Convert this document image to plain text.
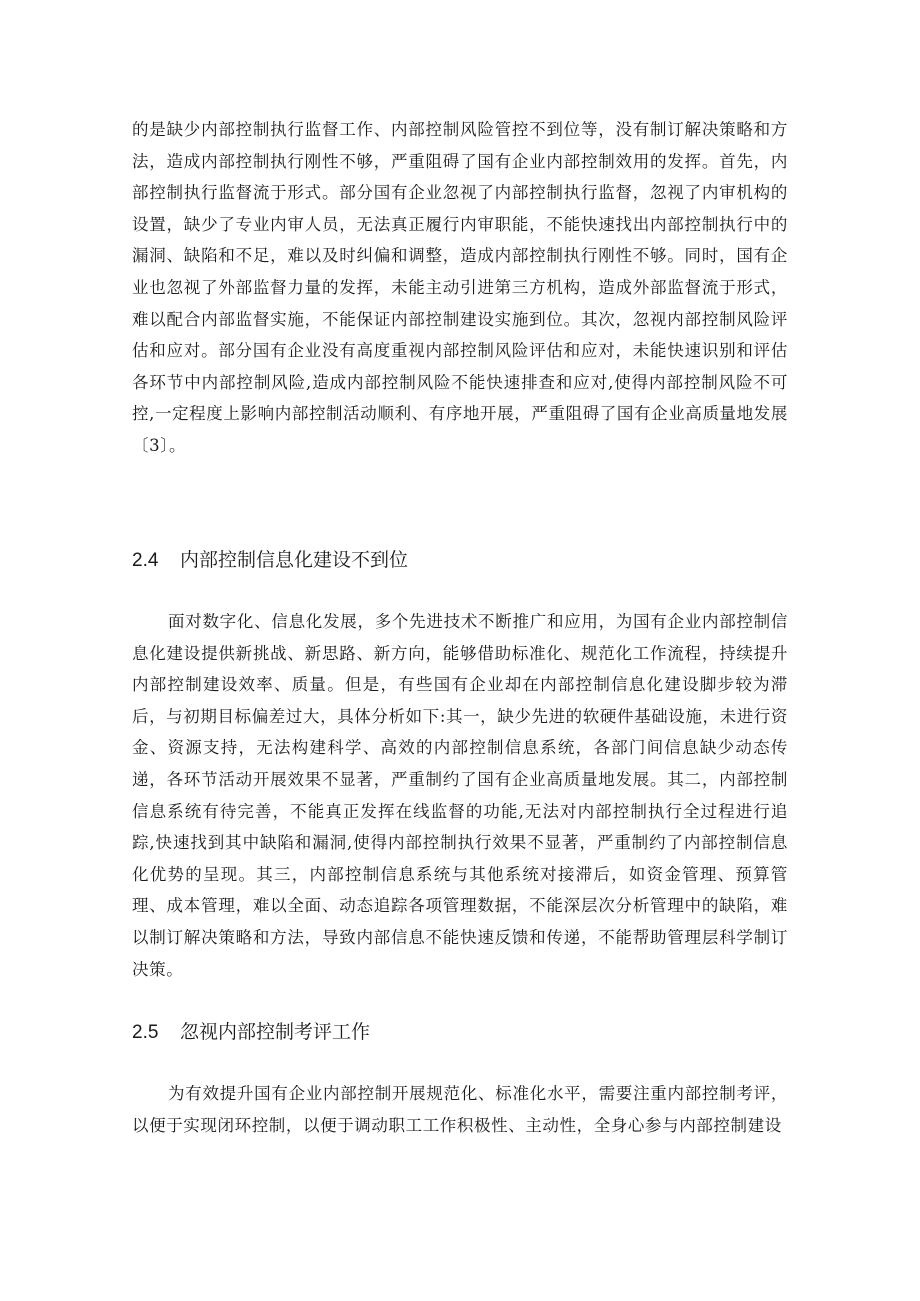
的是缺少内部控制执行监督工作、内部控制风险管控不到位等，没有制订解决策略和方法，造成内部控制执行刚性不够，严重阻碍了国有企业内部控制效用的发挥。首先，内部控制执行监督流于形式。部分国有企业忽视了内部控制执行监督，忽视了内审机构的设置，缺少了专业内审人员，无法真正履行内审职能，不能快速找出内部控制执行中的漏洞、缺陷和不足，难以及时纠偏和调整，造成内部控制执行刚性不够。同时，国有企业也忽视了外部监督力量的发挥，未能主动引进第三方机构，造成外部监督流于形式，难以配合内部监督实施，不能保证内部控制建设实施到位。其次，忽视内部控制风险评估和应对。部分国有企业没有高度重视内部控制风险评估和应对，未能快速识别和评估各环节中内部控制风险,造成内部控制风险不能快速排查和应对,使得内部控制风险不可控,一定程度上影响内部控制活动顺利、有序地开展，严重阻碍了国有企业高质量地发展〔3〕。

2.4 内部控制信息化建设不到位

面对数字化、信息化发展，多个先进技术不断推广和应用，为国有企业内部控制信息化建设提供新挑战、新思路、新方向，能够借助标准化、规范化工作流程，持续提升内部控制建设效率、质量。但是，有些国有企业却在内部控制信息化建设脚步较为滞后，与初期目标偏差过大，具体分析如下:其一，缺少先进的软硬件基础设施，未进行资金、资源支持，无法构建科学、高效的内部控制信息系统，各部门间信息缺少动态传递，各环节活动开展效果不显著，严重制约了国有企业高质量地发展。其二，内部控制信息系统有待完善，不能真正发挥在线监督的功能,无法对内部控制执行全过程进行追踪,快速找到其中缺陷和漏洞,使得内部控制执行效果不显著，严重制约了内部控制信息化优势的呈现。其三，内部控制信息系统与其他系统对接滞后，如资金管理、预算管理、成本管理，难以全面、动态追踪各项管理数据，不能深层次分析管理中的缺陷，难以制订解决策略和方法，导致内部信息不能快速反馈和传递，不能帮助管理层科学制订决策。

2.5 忽视内部控制考评工作

为有效提升国有企业内部控制开展规范化、标准化水平，需要注重内部控制考评，以便于实现闭环控制，以便于调动职工工作积极性、主动性，全身心参与内部控制建设
